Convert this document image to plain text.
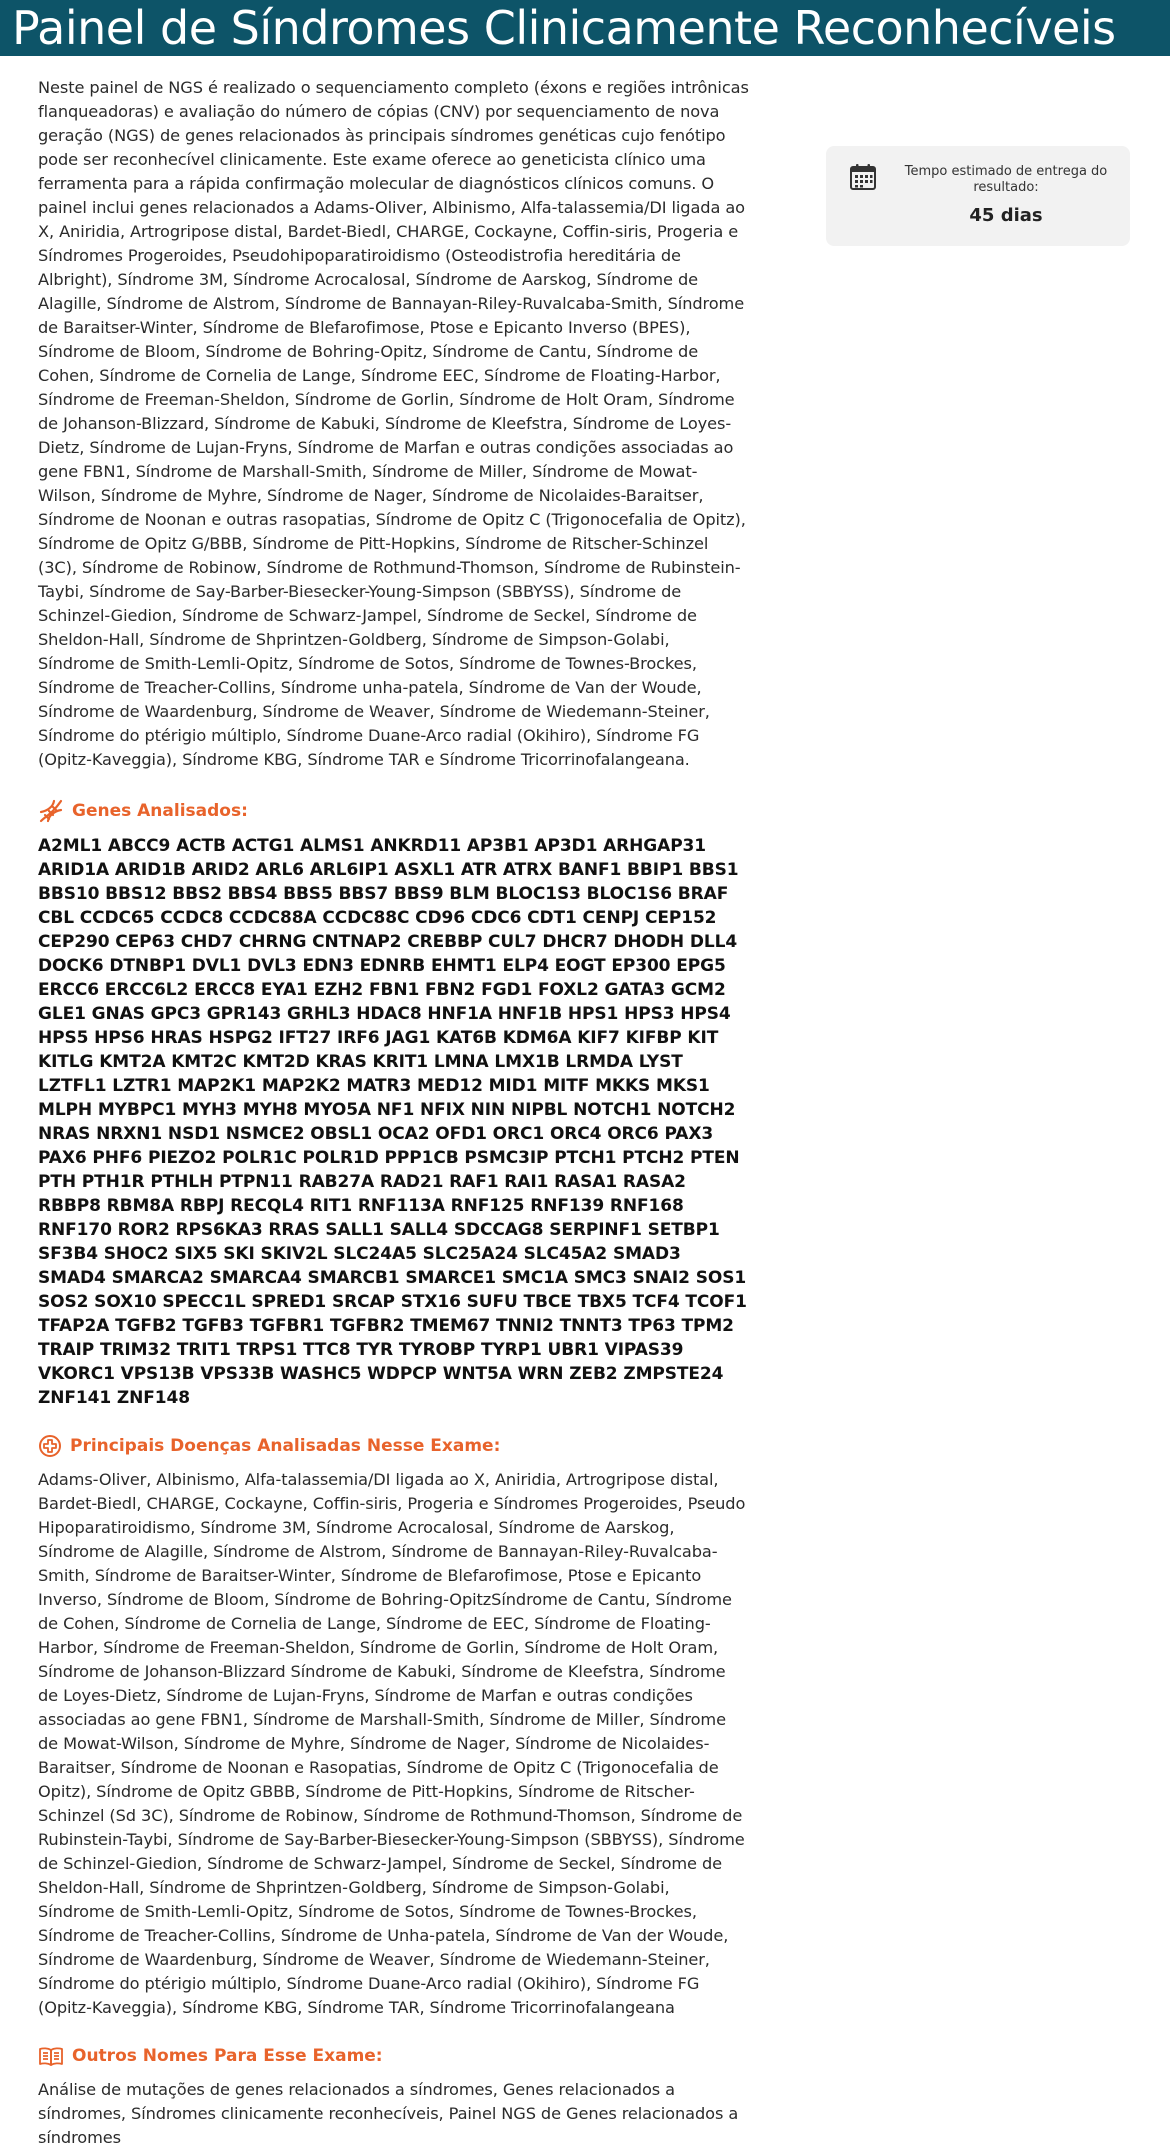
Painel de Síndromes Clinicamente Reconhecíveis

Neste painel de NGS é realizado o sequenciamento completo (éxons e regiões intrônicas flanqueadoras) e avaliação do número de cópias (CNV) por sequenciamento de nova geração (NGS) de genes relacionados às principais síndromes genéticas cujo fenótipo pode ser reconhecível clinicamente. Este exame oferece ao geneticista clínico uma ferramenta para a rápida confirmação molecular de diagnósticos clínicos comuns. O painel inclui genes relacionados a Adams-Oliver, Albinismo, Alfa-talassemia/DI ligada ao X, Aniridia, Artrogripose distal, Bardet-Biedl, CHARGE, Cockayne, Coffin-siris, Progeria e Síndromes Progeroides, Pseudohipoparatiroidismo (Osteodistrofia hereditária de Albright), Síndrome 3M, Síndrome Acrocalosal, Síndrome de Aarskog, Síndrome de Alagille, Síndrome de Alstrom, Síndrome de Bannayan-Riley-Ruvalcaba-Smith, Síndrome de Baraitser-Winter, Síndrome de Blefarofimose, Ptose e Epicanto Inverso (BPES), Síndrome de Bloom, Síndrome de Bohring-Opitz, Síndrome de Cantu, Síndrome de Cohen, Síndrome de Cornelia de Lange, Síndrome EEC, Síndrome de Floating-Harbor, Síndrome de Freeman-Sheldon, Síndrome de Gorlin, Síndrome de Holt Oram, Síndrome de Johanson-Blizzard, Síndrome de Kabuki, Síndrome de Kleefstra, Síndrome de Loyes-Dietz, Síndrome de Lujan-Fryns, Síndrome de Marfan e outras condições associadas ao gene FBN1, Síndrome de Marshall-Smith, Síndrome de Miller, Síndrome de Mowat-Wilson, Síndrome de Myhre, Síndrome de Nager, Síndrome de Nicolaides-Baraitser, Síndrome de Noonan e outras rasopatias, Síndrome de Opitz C (Trigonocefalia de Opitz), Síndrome de Opitz G/BBB, Síndrome de Pitt-Hopkins, Síndrome de Ritscher-Schinzel (3C), Síndrome de Robinow, Síndrome de Rothmund-Thomson, Síndrome de Rubinstein-Taybi, Síndrome de Say-Barber-Biesecker-Young-Simpson (SBBYSS), Síndrome de Schinzel-Giedion, Síndrome de Schwarz-Jampel, Síndrome de Seckel, Síndrome de Sheldon-Hall, Síndrome de Shprintzen-Goldberg, Síndrome de Simpson-Golabi, Síndrome de Smith-Lemli-Opitz, Síndrome de Sotos, Síndrome de Townes-Brockes, Síndrome de Treacher-Collins, Síndrome unha-patela, Síndrome de Van der Woude, Síndrome de Waardenburg, Síndrome de Weaver, Síndrome de Wiedemann-Steiner, Síndrome do ptérigio múltiplo, Síndrome Duane-Arco radial (Okihiro), Síndrome FG (Opitz-Kaveggia), Síndrome KBG, Síndrome TAR e Síndrome Tricorrinofalangeana.

Genes Analisados:

A2ML1 ABCC9 ACTB ACTG1 ALMS1 ANKRD11 AP3B1 AP3D1 ARHGAP31 ARID1A ARID1B ARID2 ARL6 ARL6IP1 ASXL1 ATR ATRX BANF1 BBIP1 BBS1 BBS10 BBS12 BBS2 BBS4 BBS5 BBS7 BBS9 BLM BLOC1S3 BLOC1S6 BRAF CBL CCDC65 CCDC8 CCDC88A CCDC88C CD96 CDC6 CDT1 CENPJ CEP152 CEP290 CEP63 CHD7 CHRNG CNTNAP2 CREBBP CUL7 DHCR7 DHODH DLL4 DOCK6 DTNBP1 DVL1 DVL3 EDN3 EDNRB EHMT1 ELP4 EOGT EP300 EPG5 ERCC6 ERCC6L2 ERCC8 EYA1 EZH2 FBN1 FBN2 FGD1 FOXL2 GATA3 GCM2 GLE1 GNAS GPC3 GPR143 GRHL3 HDAC8 HNF1A HNF1B HPS1 HPS3 HPS4 HPS5 HPS6 HRAS HSPG2 IFT27 IRF6 JAG1 KAT6B KDM6A KIF7 KIFBP KIT KITLG KMT2A KMT2C KMT2D KRAS KRIT1 LMNA LMX1B LRMDA LYST LZTFL1 LZTR1 MAP2K1 MAP2K2 MATR3 MED12 MID1 MITF MKKS MKS1 MLPH MYBPC1 MYH3 MYH8 MYO5A NF1 NFIX NIN NIPBL NOTCH1 NOTCH2 NRAS NRXN1 NSD1 NSMCE2 OBSL1 OCA2 OFD1 ORC1 ORC4 ORC6 PAX3 PAX6 PHF6 PIEZO2 POLR1C POLR1D PPP1CB PSMC3IP PTCH1 PTCH2 PTEN PTH PTH1R PTHLH PTPN11 RAB27A RAD21 RAF1 RAI1 RASA1 RASA2 RBBP8 RBM8A RBPJ RECQL4 RIT1 RNF113A RNF125 RNF139 RNF168 RNF170 ROR2 RPS6KA3 RRAS SALL1 SALL4 SDCCAG8 SERPINF1 SETBP1 SF3B4 SHOC2 SIX5 SKI SKIV2L SLC24A5 SLC25A24 SLC45A2 SMAD3 SMAD4 SMARCA2 SMARCA4 SMARCB1 SMARCE1 SMC1A SMC3 SNAI2 SOS1 SOS2 SOX10 SPECC1L SPRED1 SRCAP STX16 SUFU TBCE TBX5 TCF4 TCOF1 TFAP2A TGFB2 TGFB3 TGFBR1 TGFBR2 TMEM67 TNNI2 TNNT3 TP63 TPM2 TRAIP TRIM32 TRIT1 TRPS1 TTC8 TYR TYROBP TYRP1 UBR1 VIPAS39 VKORC1 VPS13B VPS33B WASHC5 WDPCP WNT5A WRN ZEB2 ZMPSTE24 ZNF141 ZNF148

Principais Doenças Analisadas Nesse Exame:

Adams-Oliver, Albinismo, Alfa-talassemia/DI ligada ao X, Aniridia, Artrogripose distal, Bardet-Biedl, CHARGE, Cockayne, Coffin-siris, Progeria e Síndromes Progeroides, Pseudo Hipoparatiroidismo, Síndrome 3M, Síndrome Acrocalosal, Síndrome de Aarskog, Síndrome de Alagille, Síndrome de Alstrom, Síndrome de Bannayan-Riley-Ruvalcaba-Smith, Síndrome de Baraitser-Winter, Síndrome de Blefarofimose, Ptose e Epicanto Inverso, Síndrome de Bloom, Síndrome de Bohring-OpitzSíndrome de Cantu, Síndrome de Cohen, Síndrome de Cornelia de Lange, Síndrome de EEC, Síndrome de Floating-Harbor, Síndrome de Freeman-Sheldon, Síndrome de Gorlin, Síndrome de Holt Oram, Síndrome de Johanson-Blizzard Síndrome de Kabuki, Síndrome de Kleefstra, Síndrome de Loyes-Dietz, Síndrome de Lujan-Fryns, Síndrome de Marfan e outras condições associadas ao gene FBN1, Síndrome de Marshall-Smith, Síndrome de Miller, Síndrome de Mowat-Wilson, Síndrome de Myhre, Síndrome de Nager, Síndrome de Nicolaides-Baraitser, Síndrome de Noonan e Rasopatias, Síndrome de Opitz C (Trigonocefalia de Opitz), Síndrome de Opitz GBBB, Síndrome de Pitt-Hopkins, Síndrome de Ritscher-Schinzel (Sd 3C), Síndrome de Robinow, Síndrome de Rothmund-Thomson, Síndrome de Rubinstein-Taybi, Síndrome de Say-Barber-Biesecker-Young-Simpson (SBBYSS), Síndrome de Schinzel-Giedion, Síndrome de Schwarz-Jampel, Síndrome de Seckel, Síndrome de Sheldon-Hall, Síndrome de Shprintzen-Goldberg, Síndrome de Simpson-Golabi, Síndrome de Smith-Lemli-Opitz, Síndrome de Sotos, Síndrome de Townes-Brockes, Síndrome de Treacher-Collins, Síndrome de Unha-patela, Síndrome de Van der Woude, Síndrome de Waardenburg, Síndrome de Weaver, Síndrome de Wiedemann-Steiner, Síndrome do ptérigio múltiplo, Síndrome Duane-Arco radial (Okihiro), Síndrome FG (Opitz-Kaveggia), Síndrome KBG, Síndrome TAR, Síndrome Tricorrinofalangeana

Outros Nomes Para Esse Exame:

Análise de mutações de genes relacionados a síndromes, Genes relacionados a síndromes, Síndromes clinicamente reconhecíveis, Painel NGS de Genes relacionados a síndromes

Tempo estimado de entrega do resultado:
45 dias
